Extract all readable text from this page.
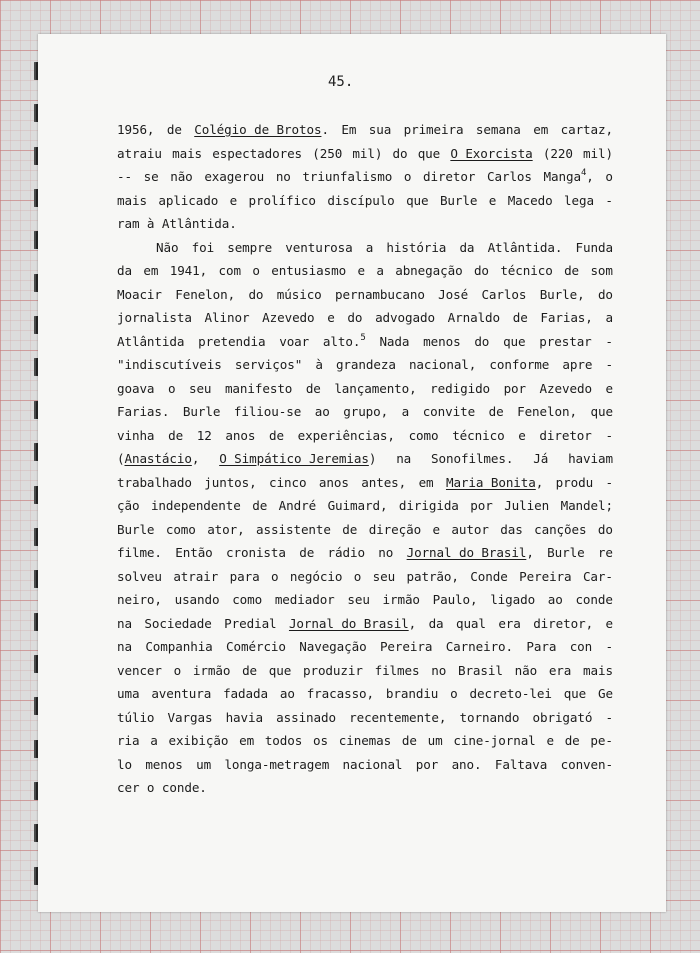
45.
1956, de Colégio de Brotos. Em sua primeira semana em cartaz,
atraiu mais espectadores (250 mil) do que O Exorcista (220 mil)
-- se não exagerou no triunfalismo o diretor Carlos Manga$^4$, o
mais aplicado e prolífico discípulo que Burle e Macedo lega -
ram à Atlântida.
Não foi sempre venturosa a história da Atlântida. Funda
da em 1941, com o entusiasmo e a abnegação do técnico de som
Moacir Fenelon, do músico pernambucano José Carlos Burle, do
jornalista Alinor Azevedo e do advogado Arnaldo de Farias, a
Atlântida pretendia voar alto.$^5$ Nada menos do que prestar -
"indiscutíveis serviços" à grandeza nacional, conforme apre -
goava o seu manifesto de lançamento, redigido por Azevedo e
Farias. Burle filiou-se ao grupo, a convite de Fenelon, que
vinha de 12 anos de experiências, como técnico e diretor -
(Anastácio, O Simpático Jeremias) na Sonofilmes. Já haviam
trabalhado juntos, cinco anos antes, em Maria Bonita, produ -
ção independente de André Guimard, dirigida por Julien Mandel;
Burle como ator, assistente de direção e autor das canções do
filme. Então cronista de rádio no Jornal do Brasil, Burle re
solveu atrair para o negócio o seu patrão, Conde Pereira Car-
neiro, usando como mediador seu irmão Paulo, ligado ao conde
na Sociedade Predial Jornal do Brasil, da qual era diretor, e
na Companhia Comércio Navegação Pereira Carneiro. Para con -
vencer o irmão de que produzir filmes no Brasil não era mais
uma aventura fadada ao fracasso, brandiu o decreto-lei que Ge
túlio Vargas havia assinado recentemente, tornando obrigató -
ria a exibição em todos os cinemas de um cine-jornal e de pe-
lo menos um longa-metragem nacional por ano. Faltava conven-
cer o conde.
